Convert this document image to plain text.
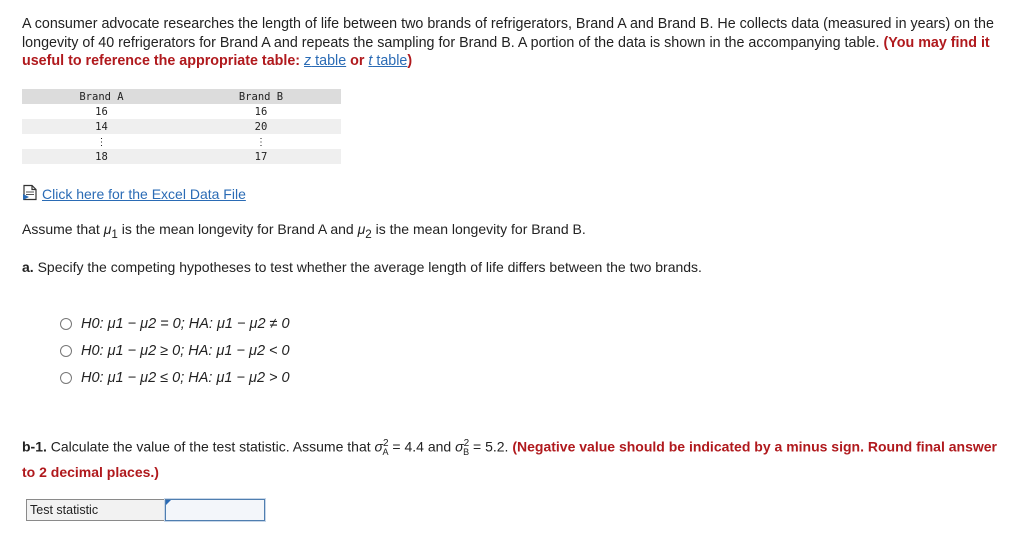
A consumer advocate researches the length of life between two brands of refrigerators, Brand A and Brand B. He collects data (measured in years) on the longevity of 40 refrigerators for Brand A and repeats the sampling for Brand B. A portion of the data is shown in the accompanying table. (You may find it useful to reference the appropriate table: z table or t table)
Brand A	Brand B
16	16
14	20
⋮	⋮
18	17
Click here for the Excel Data File
Assume that $\mu_1$ is the mean longevity for Brand A and $\mu_2$ is the mean longevity for Brand B.
a. Specify the competing hypotheses to test whether the average length of life differs between the two brands.
H0: μ1 − μ2 = 0; HA: μ1 − μ2 ≠ 0
H0: μ1 − μ2 ≥ 0; HA: μ1 − μ2 < 0
H0: μ1 − μ2 ≤ 0; HA: μ1 − μ2 > 0
b-1. Calculate the value of the test statistic. Assume that $\sigma^2_A = 4.4$ and $\sigma^2_B = 5.2$. (Negative value should be indicated by a minus sign. Round final answer to 2 decimal places.)
Test statistic
